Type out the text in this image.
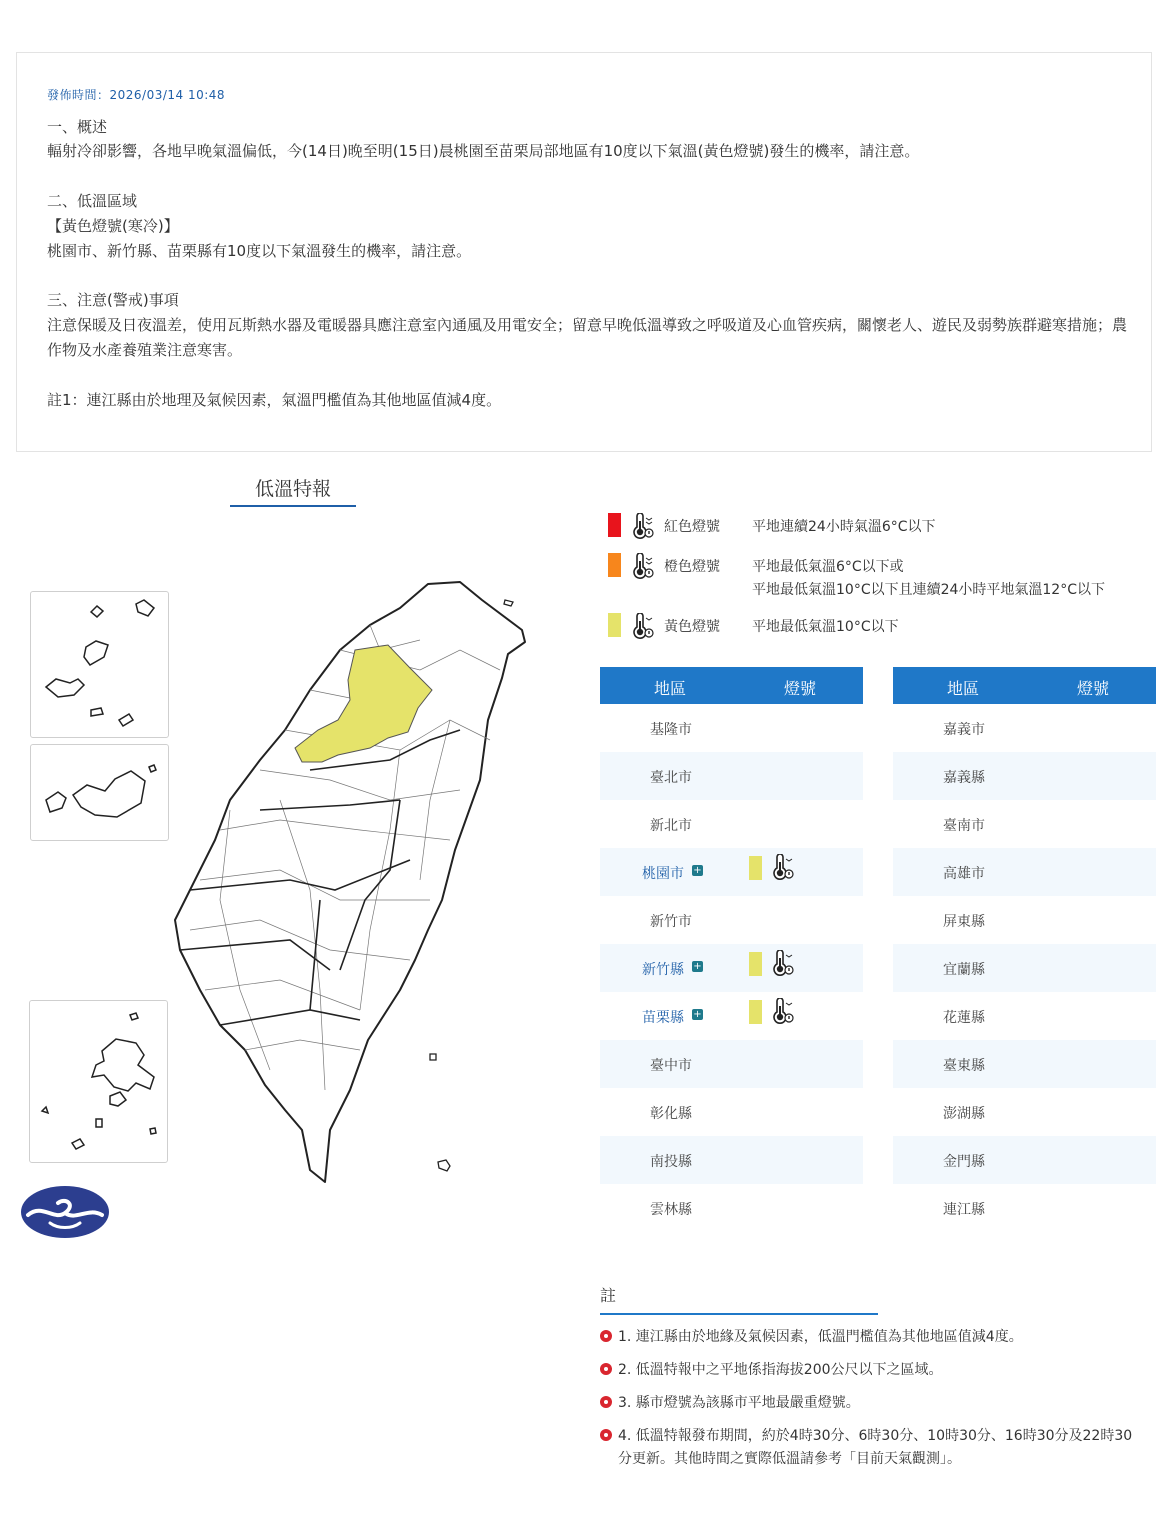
發佈時間：2026/03/14 10:48
一、概述
輻射冷卻影響，各地早晚氣溫偏低，今(14日)晚至明(15日)晨桃園至苗栗局部地區有10度以下氣溫(黃色燈號)發生的機率，請注意。
二、低溫區域
【黃色燈號(寒冷)】
桃園市、新竹縣、苗栗縣有10度以下氣溫發生的機率，請注意。
三、注意(警戒)事項
注意保暖及日夜溫差，使用瓦斯熱水器及電暖器具應注意室內通風及用電安全；留意早晚低溫導致之呼吸道及心血管疾病，關懷老人、遊民及弱勢族群避寒措施；農作物及水產養殖業注意寒害。
註1：連江縣由於地理及氣候因素，氣溫門檻值為其他地區值減4度。
低溫特報
紅色燈號 平地連續24小時氣溫6°C以下
橙色燈號 平地最低氣溫6°C以下或
平地最低氣溫10°C以下且連續24小時平地氣溫12°C以下
黃色燈號 平地最低氣溫10°C以下
地區	燈號
基隆市
臺北市
新北市
桃園市 +
新竹市
新竹縣 +
苗栗縣 +
臺中市
彰化縣
南投縣
雲林縣
地區	燈號
嘉義市
嘉義縣
臺南市
高雄市
屏東縣
宜蘭縣
花蓮縣
臺東縣
澎湖縣
金門縣
連江縣
註
1. 連江縣由於地緣及氣候因素，低溫門檻值為其他地區值減4度。
2. 低溫特報中之平地係指海拔200公尺以下之區域。
3. 縣市燈號為該縣市平地最嚴重燈號。
4. 低溫特報發布期間，約於4時30分、6時30分、10時30分、16時30分及22時30分更新。其他時間之實際低溫請參考「目前天氣觀測」。
